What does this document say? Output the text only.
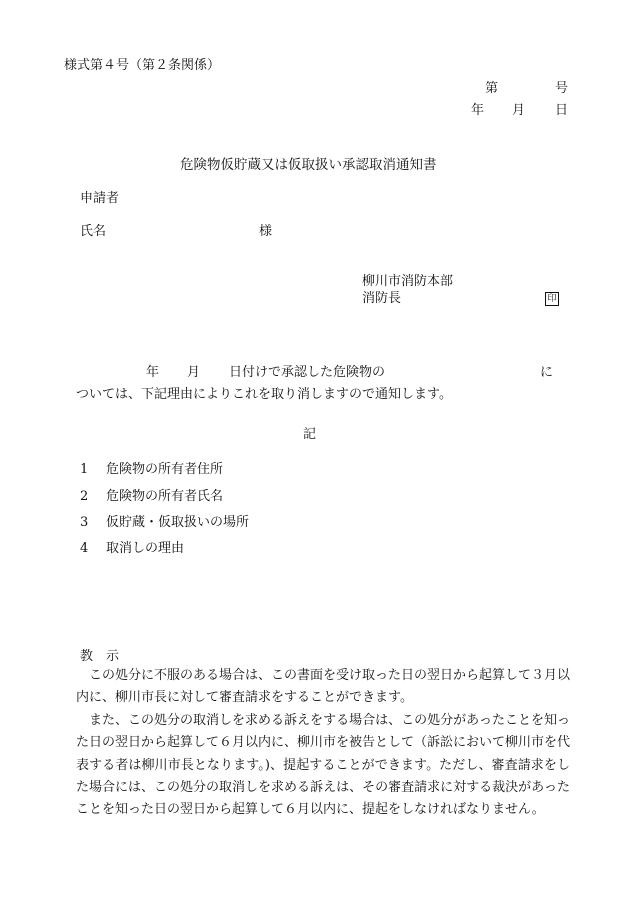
様式第４号（第２条関係）
第	号
年 月 日
危険物仮貯蔵又は仮取扱い承認取消通知書
申請者
氏名	様
柳川市消防本部
消防長	印
年 月 日付けで承認した危険物の	に
ついては、下記理由によりこれを取り消しますので通知します。
記
1 危険物の所有者住所
2 危険物の所有者氏名
3 仮貯蔵・仮取扱いの場所
4 取消しの理由
教　示

この処分に不服のある場合は、この書面を受け取った日の翌日から起算して３月以内に、柳川市長に対して審査請求をすることができます。

また、この処分の取消しを求める訴えをする場合は、この処分があったことを知った日の翌日から起算して６月以内に、柳川市を被告として（訴訟において柳川市を代表する者は柳川市長となります。)、提起することができます。ただし、審査請求をした場合には、この処分の取消しを求める訴えは、その審査請求に対する裁決があったことを知った日の翌日から起算して６月以内に、提起をしなければなりません。
